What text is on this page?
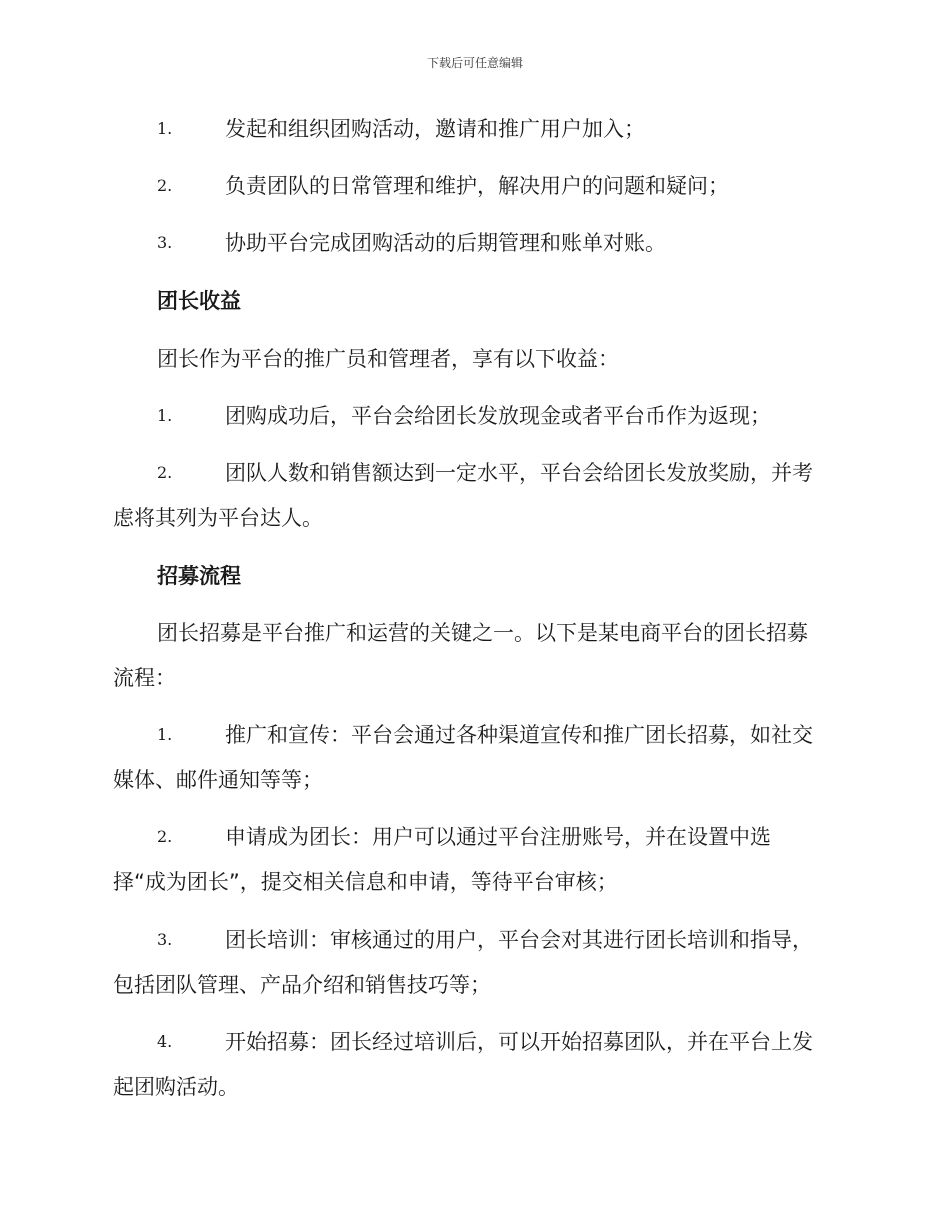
下载后可任意编辑
1.	发起和组织团购活动，邀请和推广用户加入；
2.	负责团队的日常管理和维护，解决用户的问题和疑问；
3.	协助平台完成团购活动的后期管理和账单对账。
团长收益
团长作为平台的推广员和管理者，享有以下收益：
1.	团购成功后，平台会给团长发放现金或者平台币作为返现；
2.	团队人数和销售额达到一定水平，平台会给团长发放奖励，并考
虑将其列为平台达人。
招募流程
团长招募是平台推广和运营的关键之一。以下是某电商平台的团长招募
流程：
1.	推广和宣传：平台会通过各种渠道宣传和推广团长招募，如社交
媒体、邮件通知等等；
2.	申请成为团长：用户可以通过平台注册账号，并在设置中选
择“成为团长”，提交相关信息和申请，等待平台审核；
3.	团长培训：审核通过的用户，平台会对其进行团长培训和指导，
包括团队管理、产品介绍和销售技巧等；
4.	开始招募：团长经过培训后，可以开始招募团队，并在平台上发
起团购活动。
